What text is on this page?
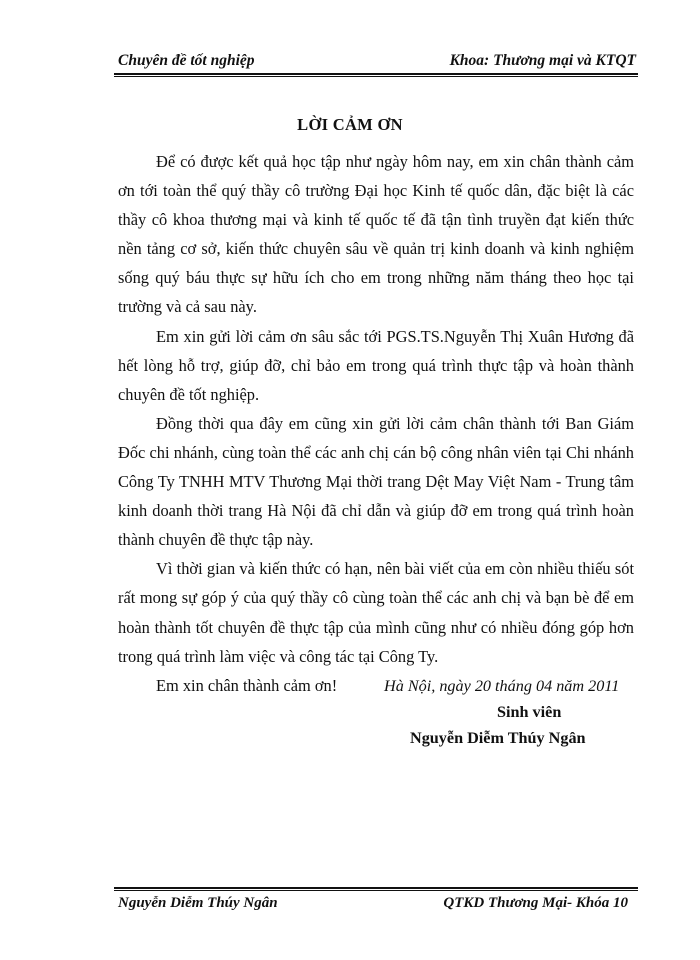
Chuyên đề tốt nghiệp	Khoa: Thương mại và KTQT
LỜI CẢM ƠN

Để có được kết quả học tập như ngày hôm nay, em xin chân thành cảm ơn tới toàn thể quý thầy cô trường Đại học Kinh tế quốc dân, đặc biệt là các thầy cô khoa thương mại và kinh tế quốc tế đã tận tình truyền đạt kiến thức nền tảng cơ sở, kiến thức chuyên sâu về quản trị kinh doanh và kinh nghiệm sống quý báu thực sự hữu ích cho em trong những năm tháng theo học tại trường và cả sau này.

Em xin gửi lời cảm ơn sâu sắc tới PGS.TS.Nguyễn Thị Xuân Hương đã hết lòng hỗ trợ, giúp đỡ, chỉ bảo em trong quá trình thực tập và hoàn thành chuyên đề tốt nghiệp.

Đồng thời qua đây em cũng xin gửi lời cảm chân thành tới Ban Giám Đốc chi nhánh, cùng toàn thể các anh chị cán bộ công nhân viên tại Chi nhánh Công Ty TNHH MTV Thương Mại thời trang Dệt May Việt Nam - Trung tâm kinh doanh thời trang Hà Nội đã chỉ dẫn và giúp đỡ em trong quá trình hoàn thành chuyên đề thực tập này.

Vì thời gian và kiến thức có hạn, nên bài viết của em còn nhiều thiếu sót rất mong sự góp ý của quý thầy cô cùng toàn thể các anh chị và bạn bè để em hoàn thành tốt chuyên đề thực tập của mình cũng như có nhiều đóng góp hơn trong quá trình làm việc và công tác tại Công Ty.

Em xin chân thành cảm ơn!	Hà Nội, ngày 20 tháng 04 năm 2011
Sinh viên
Nguyễn Diễm Thúy Ngân
Nguyễn Diễm Thúy Ngân	QTKD Thương Mại- Khóa 10
